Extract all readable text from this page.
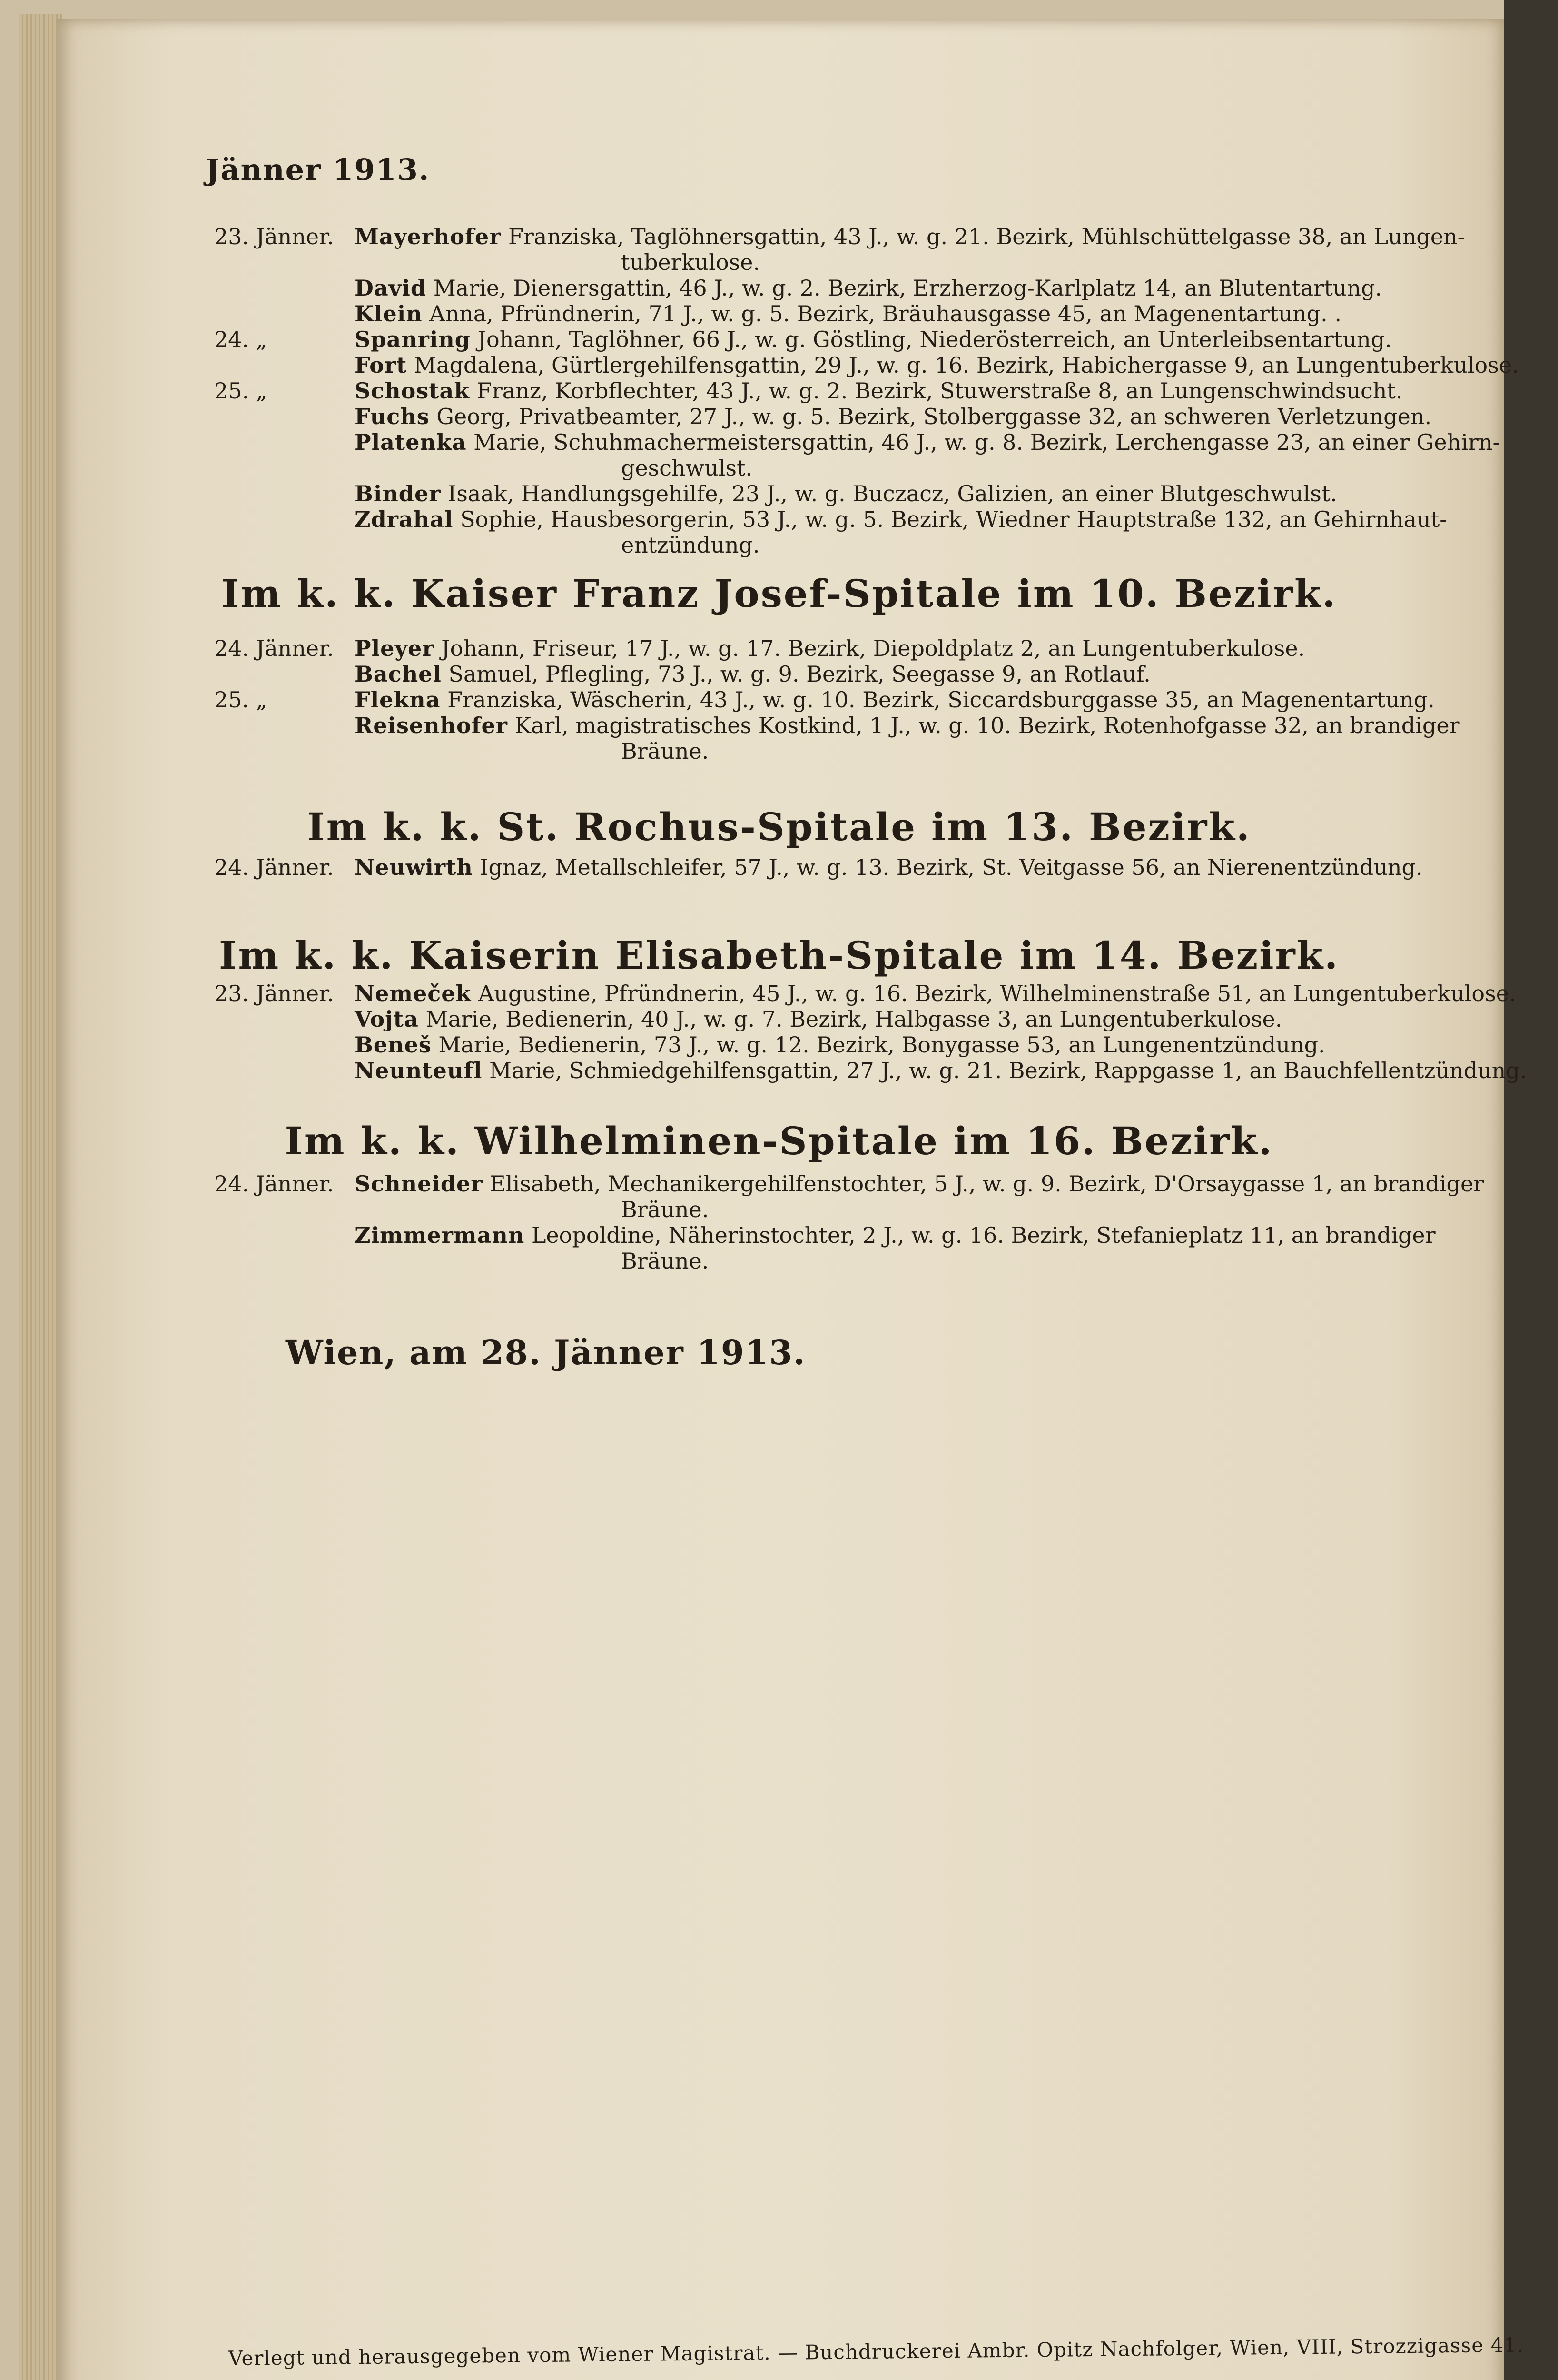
Jänner 1913.
23. Jänner. Mayerhofer Franziska, Taglöhnersgattin, 43 J., w. g. 21. Bezirk, Mühlschüttelgasse 38, an Lungen-
tuberkulose.
David Marie, Dienersgattin, 46 J., w. g. 2. Bezirk, Erzherzog-Karlplatz 14, an Blutentartung.
Klein Anna, Pfründnerin, 71 J., w. g. 5. Bezirk, Bräuhausgasse 45, an Magenentartung. .
24. „	Spanring Johann, Taglöhner, 66 J., w. g. Göstling, Niederösterreich, an Unterleibsentartung.
Fort Magdalena, Gürtlergehilfensgattin, 29 J., w. g. 16. Bezirk, Habichergasse 9, an Lungentuberkulose.
25. „	Schostak Franz, Korbflechter, 43 J., w. g. 2. Bezirk, Stuwerstraße 8, an Lungenschwindsucht.
Fuchs Georg, Privatbeamter, 27 J., w. g. 5. Bezirk, Stolberggasse 32, an schweren Verletzungen.
Platenka Marie, Schuhmachermeistersgattin, 46 J., w. g. 8. Bezirk, Lerchengasse 23, an einer Gehirn-
geschwulst.
Binder Isaak, Handlungsgehilfe, 23 J., w. g. Buczacz, Galizien, an einer Blutgeschwulst.
Zdrahal Sophie, Hausbesorgerin, 53 J., w. g. 5. Bezirk, Wiedner Hauptstraße 132, an Gehirnhaut-
entzündung.
Im k. k. Kaiser Franz Josef-Spitale im 10. Bezirk.
24. Jänner. Pleyer Johann, Friseur, 17 J., w. g. 17. Bezirk, Diepoldplatz 2, an Lungentuberkulose.
Bachel Samuel, Pflegling, 73 J., w. g. 9. Bezirk, Seegasse 9, an Rotlauf.
25. „	Flekna Franziska, Wäscherin, 43 J., w. g. 10. Bezirk, Siccardsburggasse 35, an Magenentartung.
Reisenhofer Karl, magistratisches Kostkind, 1 J., w. g. 10. Bezirk, Rotenhofgasse 32, an brandiger
Bräune.
Im k. k. St. Rochus-Spitale im 13. Bezirk.
24. Jänner. Neuwirth Ignaz, Metallschleifer, 57 J., w. g. 13. Bezirk, St. Veitgasse 56, an Nierenentzündung.
Im k. k. Kaiserin Elisabeth-Spitale im 14. Bezirk.
23. Jänner. Nemeček Augustine, Pfründnerin, 45 J., w. g. 16. Bezirk, Wilhelminenstraße 51, an Lungentuberkulose.
Vojta Marie, Bedienerin, 40 J., w. g. 7. Bezirk, Halbgasse 3, an Lungentuberkulose.
Beneš Marie, Bedienerin, 73 J., w. g. 12. Bezirk, Bonygasse 53, an Lungenentzündung.
Neunteufl Marie, Schmiedgehilfensgattin, 27 J., w. g. 21. Bezirk, Rappgasse 1, an Bauchfellentzündung.
Im k. k. Wilhelminen-Spitale im 16. Bezirk.
24. Jänner. Schneider Elisabeth, Mechanikergehilfenstochter, 5 J., w. g. 9. Bezirk, D'Orsaygasse 1, an brandiger
Bräune.
Zimmermann Leopoldine, Näherinstochter, 2 J., w. g. 16. Bezirk, Stefanieplatz 11, an brandiger
Bräune.
Wien, am 28. Jänner 1913.
Verlegt und herausgegeben vom Wiener Magistrat. — Buchdruckerei Ambr. Opitz Nachfolger, Wien, VIII, Strozzigasse 41.
